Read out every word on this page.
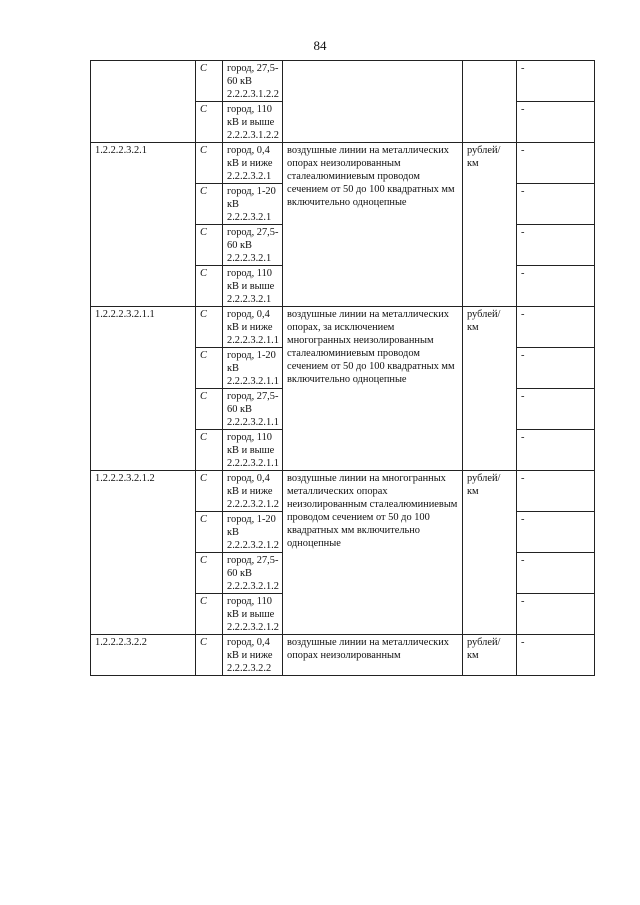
84
	C	город, 27,5-60 кВ 2.2.2.3.1.2.2			-
	C	город, 110 кВ и выше 2.2.2.3.1.2.2			-
1.2.2.2.3.2.1	C	город, 0,4 кВ и ниже 2.2.2.3.2.1	воздушные линии на металлических опорах неизолированным сталеалюминиевым проводом сечением от 50 до 100 квадратных мм включительно одноцепные	рублей/ км	-
	C	город, 1-20 кВ 2.2.2.3.2.1			-
	C	город, 27,5-60 кВ 2.2.2.3.2.1			-
	C	город, 110 кВ и выше 2.2.2.3.2.1			-
1.2.2.2.3.2.1.1	C	город, 0,4 кВ и ниже 2.2.2.3.2.1.1	воздушные линии на металлических опорах, за исключением многогранных неизолированным сталеалюминиевым проводом сечением от 50 до 100 квадратных мм включительно одноцепные	рублей/ км	-
	C	город, 1-20 кВ 2.2.2.3.2.1.1			-
	C	город, 27,5-60 кВ 2.2.2.3.2.1.1			-
	C	город, 110 кВ и выше 2.2.2.3.2.1.1			-
1.2.2.2.3.2.1.2	C	город, 0,4 кВ и ниже 2.2.2.3.2.1.2	воздушные линии на многогранных металлических опорах неизолированным сталеалюминиевым проводом сечением от 50 до 100 квадратных мм включительно одноцепные	рублей/ км	-
	C	город, 1-20 кВ 2.2.2.3.2.1.2			-
	C	город, 27,5-60 кВ 2.2.2.3.2.1.2			-
	C	город, 110 кВ и выше 2.2.2.3.2.1.2			-
1.2.2.2.3.2.2	C	город, 0,4 кВ и ниже 2.2.2.3.2.2	воздушные линии на металлических опорах неизолированным	рублей/ км	-
